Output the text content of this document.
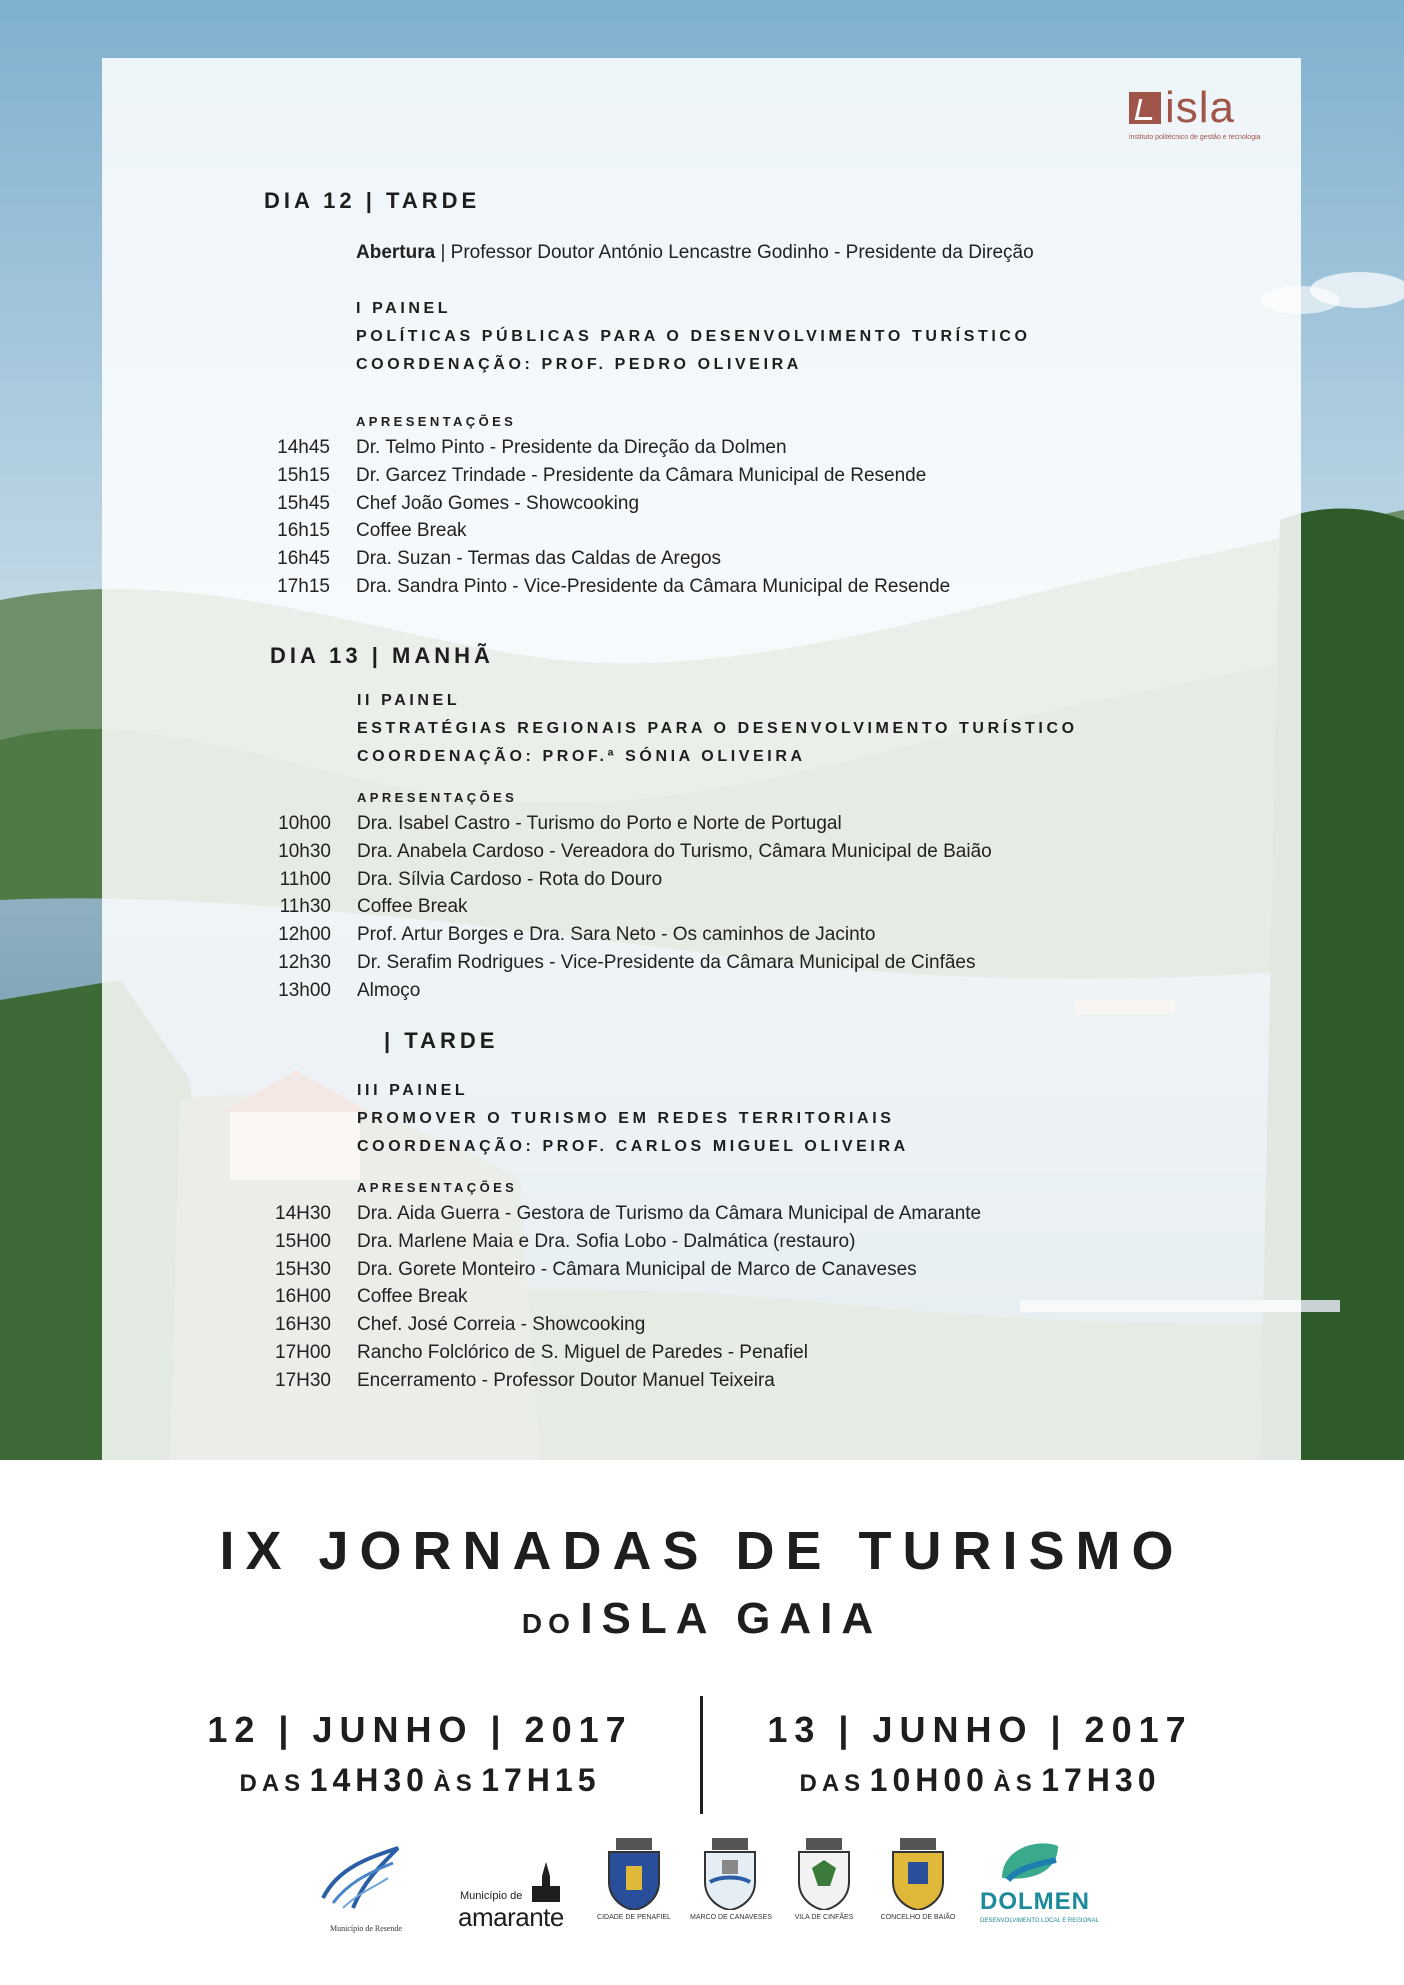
isla
instituto politécnico de gestão e tecnologia
DIA 12 | TARDE
Abertura | Professor Doutor António Lencastre Godinho - Presidente da Direção
I PAINEL
POLÍTICAS PÚBLICAS PARA O DESENVOLVIMENTO TURÍSTICO
COORDENAÇÃO: PROF. PEDRO OLIVEIRA
APRESENTAÇÕES
14h45 Dr. Telmo Pinto - Presidente da Direção da Dolmen
15h15 Dr. Garcez Trindade - Presidente da Câmara Municipal de Resende
15h45 Chef João Gomes - Showcooking
16h15 Coffee Break
16h45 Dra. Suzan - Termas das Caldas de Aregos
17h15 Dra. Sandra Pinto - Vice-Presidente da Câmara Municipal de Resende
DIA 13 | MANHÃ
II PAINEL
ESTRATÉGIAS REGIONAIS PARA O DESENVOLVIMENTO TURÍSTICO
COORDENAÇÃO: PROF.ª SÓNIA OLIVEIRA
APRESENTAÇÕES
10h00 Dra. Isabel Castro - Turismo do Porto e Norte de Portugal
10h30 Dra. Anabela Cardoso - Vereadora do Turismo, Câmara Municipal de Baião
11h00 Dra. Sílvia Cardoso - Rota do Douro
11h30 Coffee Break
12h00 Prof. Artur Borges e Dra. Sara Neto - Os caminhos de Jacinto
12h30 Dr. Serafim Rodrigues - Vice-Presidente da Câmara Municipal de Cinfães
13h00 Almoço
| TARDE
III PAINEL
PROMOVER O TURISMO EM REDES TERRITORIAIS
COORDENAÇÃO: PROF. CARLOS MIGUEL OLIVEIRA
APRESENTAÇÕES
14H30 Dra. Aida Guerra - Gestora de Turismo da Câmara Municipal de Amarante
15H00 Dra. Marlene Maia e Dra. Sofia Lobo - Dalmática (restauro)
15H30 Dra. Gorete Monteiro - Câmara Municipal de Marco de Canaveses
16H00 Coffee Break
16H30 Chef. José Correia - Showcooking
17H00 Rancho Folclórico de S. Miguel de Paredes - Penafiel
17H30 Encerramento - Professor Doutor Manuel Teixeira
IX JORNADAS DE TURISMO
DO ISLA GAIA
12 | JUNHO | 2017
DAS 14H30 ÀS 17H15
13 | JUNHO | 2017
DAS 10H00 ÀS 17H30
Município de Resende
Município de
amarante	CIDADE DE PENAFIEL	MARCO DE CANAVESES	VILA DE CINFÃES	CONCELHO DE BAIÃO
DOLMEN
DESENVOLVIMENTO LOCAL E REGIONAL
